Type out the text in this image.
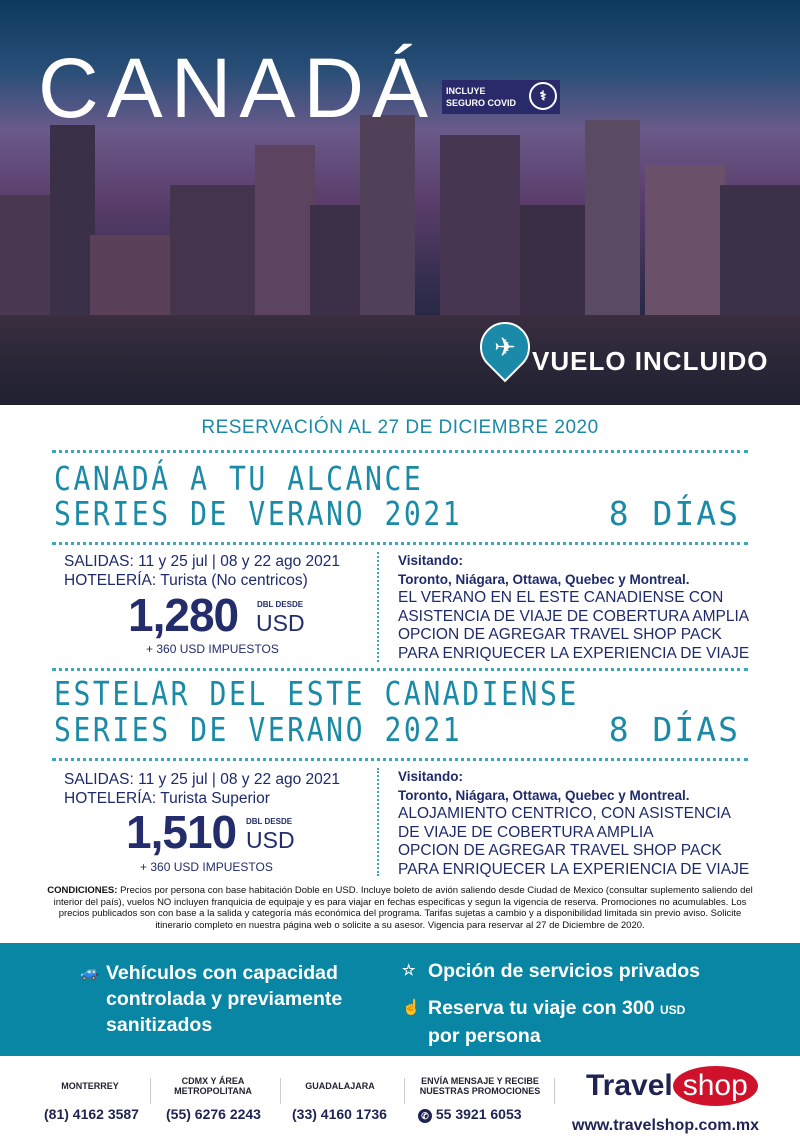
CANADÁ INCLUYE SEGURO COVID	⚕
✈ VUELO INCLUIDO
RESERVACIÓN AL 27 DE DICIEMBRE 2020
CANADÁ A TU ALCANCE
SERIES DE VERANO 2021	8 DÍAS
SALIDAS: 11 y 25 jul | 08 y 22 ago 2021
HOTELERÍA: Turista (No centricos)
1,280 DBL DESDE
USD
+ 360 USD IMPUESTOS
Visitando:
Toronto, Niágara, Ottawa, Quebec y Montreal.
EL VERANO EN EL ESTE CANADIENSE CON
ASISTENCIA DE VIAJE DE COBERTURA AMPLIA
OPCION DE AGREGAR TRAVEL SHOP PACK
PARA ENRIQUECER LA EXPERIENCIA DE VIAJE
ESTELAR DEL ESTE CANADIENSE
SERIES DE VERANO 2021	8 DÍAS
SALIDAS: 11 y 25 jul | 08 y 22 ago 2021
HOTELERÍA: Turista Superior
1,510 DBL DESDE
USD
+ 360 USD IMPUESTOS
Visitando:
Toronto, Niágara, Ottawa, Quebec y Montreal.
ALOJAMIENTO CENTRICO, CON ASISTENCIA
DE VIAJE DE COBERTURA AMPLIA
OPCION DE AGREGAR TRAVEL SHOP PACK
PARA ENRIQUECER LA EXPERIENCIA DE VIAJE
CONDICIONES: Precios por persona con base habitación Doble en USD. Incluye boleto de avión saliendo desde Ciudad de Mexico (consultar suplemento saliendo del interior del país), vuelos NO incluyen franquicia de equipaje y es para viajar en fechas especificas y segun la vigencia de reserva. Promociones no acumulables. Los precios publicados son con base a la salida y categoría más económica del programa. Tarifas sujetas a cambio y a disponibilidad limitada sin previo aviso. Solicite itinerario completo en nuestra página web o solicite a su asesor. Vigencia para reservar al 27 de Diciembre de 2020.
🚙 Vehículos con capacidad controlada y previamente sanitizados
☆ Opción de servicios privados
☝ Reserva tu viaje con 300 USD
por persona
MONTERREY
(81) 4162 3587
CDMX Y ÁREA METROPOLITANA
(55) 6276 2243
GUADALAJARA
(33) 4160 1736
ENVÍA MENSAJE Y RECIBE NUESTRAS PROMOCIONES
✆ 55 3921 6053
Travel shop
www.travelshop.com.mx
